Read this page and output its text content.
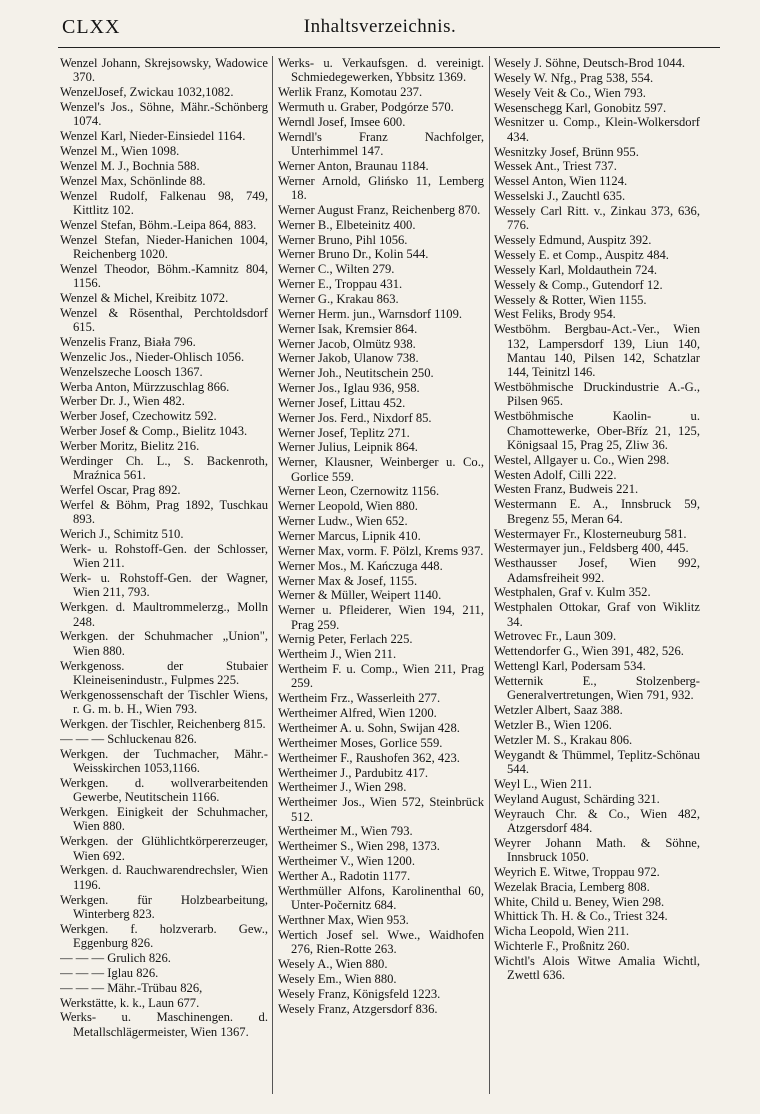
CLXX	Inhaltsverzeichnis.
Wenzel Johann, Skrejsowsky, Wadowice 370.
WenzelJosef, Zwickau 1032,1082.
Wenzel's Jos., Söhne, Mähr.-Schönberg 1074.
Wenzel Karl, Nieder-Einsiedel 1164.
Wenzel M., Wien 1098.
Wenzel M. J., Bochnia 588.
Wenzel Max, Schönlinde 88.
Wenzel Rudolf, Falkenau 98, 749, Kittlitz 102.
Wenzel Stefan, Böhm.-Leipa 864, 883.
Wenzel Stefan, Nieder-Hanichen 1004, Reichenberg 1020.
Wenzel Theodor, Böhm.-Kamnitz 804, 1156.
Wenzel & Michel, Kreibitz 1072.
Wenzel & Rösenthal, Perchtoldsdorf 615.
Wenzelis Franz, Biała 796.
Wenzelic Jos., Nieder-Ohlisch 1056.
Wenzelszeche Loosch 1367.
Werba Anton, Mürzzuschlag 866.
Werber Dr. J., Wien 482.
Werber Josef, Czechowitz 592.
Werber Josef & Comp., Bielitz 1043.
Werber Moritz, Bielitz 216.
Werdinger Ch. L., S. Backenroth, Mraźnica 561.
Werfel Oscar, Prag 892.
Werfel & Böhm, Prag 1892, Tuschkau 893.
Werich J., Schimitz 510.
Werk- u. Rohstoff-Gen. der Schlosser, Wien 211.
Werk- u. Rohstoff-Gen. der Wagner, Wien 211, 793.
Werkgen. d. Maultrommelerzg., Molln 248.
Werkgen. der Schuhmacher „Union", Wien 880.
Werkgenoss. der Stubaier Kleineisenindustr., Fulpmes 225.
Werkgenossenschaft der Tischler Wiens, r. G. m. b. H., Wien 793.
Werkgen. der Tischler, Reichenberg 815.
— — — Schluckenau 826.
Werkgen. der Tuchmacher, Mähr.-Weisskirchen 1053,1166.
Werkgen. d. wollverarbeitenden Gewerbe, Neutitschein 1166.
Werkgen. Einigkeit der Schuhmacher, Wien 880.
Werkgen. der Glühlichtkörpererzeuger, Wien 692.
Werkgen. d. Rauchwarendrechsler, Wien 1196.
Werkgen. für Holzbearbeitung, Winterberg 823.
Werkgen. f. holzverarb. Gew., Eggenburg 826.
— — — Grulich 826.
— — — Iglau 826.
— — — Mähr.-Trübau 826,
Werkstätte, k. k., Laun 677.
Werks- u. Maschinengen. d. Metallschlägermeister, Wien 1367.
Werks- u. Verkaufsgen. d. vereinigt. Schmiedegewerken, Ybbsitz 1369.
Werlik Franz, Komotau 237.
Wermuth u. Graber, Podgórze 570.
Werndl Josef, Imsee 600.
Werndl's Franz Nachfolger, Unterhimmel 147.
Werner Anton, Braunau 1184.
Werner Arnold, Glińsko 11, Lemberg 18.
Werner August Franz, Reichenberg 870.
Werner B., Elbeteinitz 400.
Werner Bruno, Pihl 1056.
Werner Bruno Dr., Kolin 544.
Werner C., Wilten 279.
Werner E., Troppau 431.
Werner G., Krakau 863.
Werner Herm. jun., Warnsdorf 1109.
Werner Isak, Kremsier 864.
Werner Jacob, Olmütz 938.
Werner Jakob, Ulanow 738.
Werner Joh., Neutitschein 250.
Werner Jos., Iglau 936, 958.
Werner Josef, Littau 452.
Werner Jos. Ferd., Nixdorf 85.
Werner Josef, Teplitz 271.
Werner Julius, Leipnik 864.
Werner, Klausner, Weinberger u. Co., Gorlice 559.
Werner Leon, Czernowitz 1156.
Werner Leopold, Wien 880.
Werner Ludw., Wien 652.
Werner Marcus, Lipnik 410.
Werner Max, vorm. F. Pölzl, Krems 937.
Werner Mos., M. Kańczuga 448.
Werner Max & Josef, 1155.
Werner & Müller, Weipert 1140.
Werner u. Pfleiderer, Wien 194, 211, Prag 259.
Wernig Peter, Ferlach 225.
Wertheim J., Wien 211.
Wertheim F. u. Comp., Wien 211, Prag 259.
Wertheim Frz., Wasserleith 277.
Wertheimer Alfred, Wien 1200.
Wertheimer A. u. Sohn, Swijan 428.
Wertheimer Moses, Gorlice 559.
Wertheimer F., Raushofen 362, 423.
Wertheimer J., Pardubitz 417.
Wertheimer J., Wien 298.
Wertheimer Jos., Wien 572, Steinbrück 512.
Wertheimer M., Wien 793.
Wertheimer S., Wien 298, 1373.
Wertheimer V., Wien 1200.
Werther A., Radotin 1177.
Werthmüller Alfons, Karolinenthal 60, Unter-Počernitz 684.
Werthner Max, Wien 953.
Wertich Josef sel. Wwe., Waidhofen 276, Rien-Rotte 263.
Wesely A., Wien 880.
Wesely Em., Wien 880.
Wesely Franz, Königsfeld 1223.
Wesely Franz, Atzgersdorf 836.
Wesely J. Söhne, Deutsch-Brod 1044.
Wesely W. Nfg., Prag 538, 554.
Wesely Veit & Co., Wien 793.
Wesenschegg Karl, Gonobitz 597.
Wesnitzer u. Comp., Klein-Wolkersdorf 434.
Wesnitzky Josef, Brünn 955.
Wessek Ant., Triest 737.
Wessel Anton, Wien 1124.
Wesselski J., Zauchtl 635.
Wessely Carl Ritt. v., Zinkau 373, 636, 776.
Wessely Edmund, Auspitz 392.
Wessely E. et Comp., Auspitz 484.
Wessely Karl, Moldauthein 724.
Wessely & Comp., Gutendorf 12.
Wessely & Rotter, Wien 1155.
West Feliks, Brody 954.
Westböhm. Bergbau-Act.-Ver., Wien 132, Lampersdorf 139, Liun 140, Mantau 140, Pilsen 142, Schatzlar 144, Teinitzl 146.
Westböhmische Druckindustrie A.-G., Pilsen 965.
Westböhmische Kaolin- u. Chamottewerke, Ober-Bříz 21, 125, Königsaal 15, Prag 25, Zliw 36.
Westel, Allgayer u. Co., Wien 298.
Westen Adolf, Cilli 222.
Westen Franz, Budweis 221.
Westermann E. A., Innsbruck 59, Bregenz 55, Meran 64.
Westermayer Fr., Klosterneuburg 581.
Westermayer jun., Feldsberg 400, 445.
Westhausser Josef, Wien 992, Adamsfreiheit 992.
Westphalen, Graf v. Kulm 352.
Westphalen Ottokar, Graf von Wiklitz 34.
Wetrovec Fr., Laun 309.
Wettendorfer G., Wien 391, 482, 526.
Wettengl Karl, Podersam 534.
Wetternik E., Stolzenberg-Generalvertretungen, Wien 791, 932.
Wetzler Albert, Saaz 388.
Wetzler B., Wien 1206.
Wetzler M. S., Krakau 806.
Weygandt & Thümmel, Teplitz-Schönau 544.
Weyl L., Wien 211.
Weyland August, Schärding 321.
Weyrauch Chr. & Co., Wien 482, Atzgersdorf 484.
Weyrer Johann Math. & Söhne, Innsbruck 1050.
Weyrich E. Witwe, Troppau 972.
Wezelak Bracia, Lemberg 808.
White, Child u. Beney, Wien 298.
Whittick Th. H. & Co., Triest 324.
Wicha Leopold, Wien 211.
Wichterle F., Proßnitz 260.
Wichtl's Alois Witwe Amalia Wichtl, Zwettl 636.
